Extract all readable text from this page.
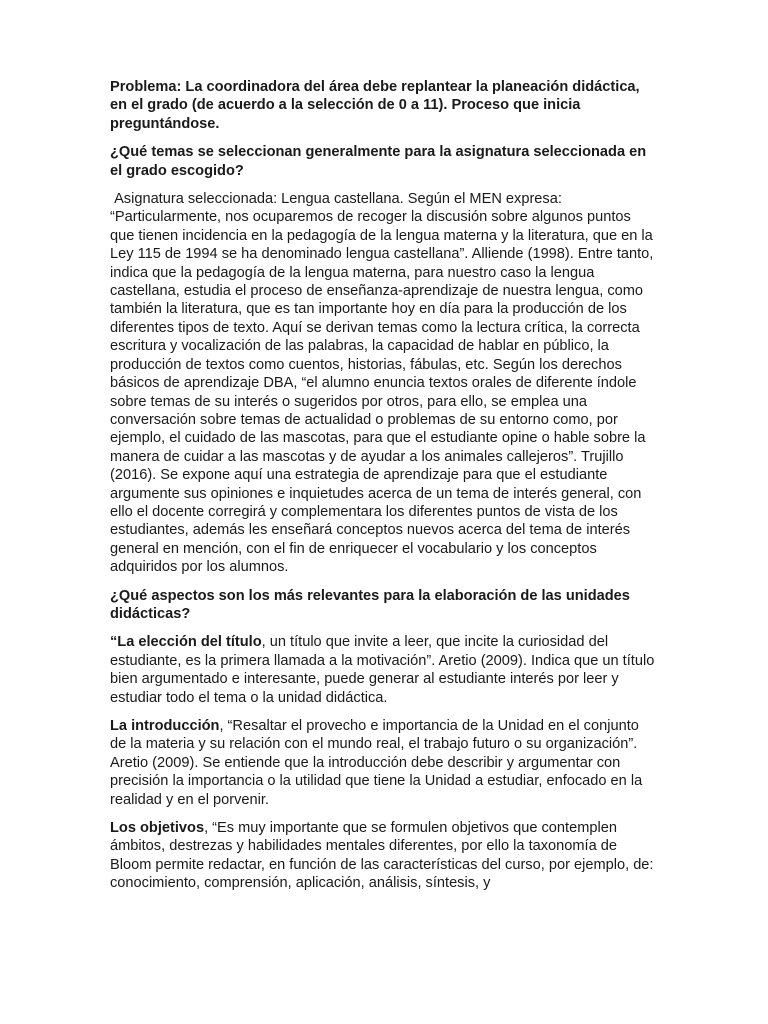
Problema: La coordinadora del área debe replantear la planeación didáctica, en el grado (de acuerdo a la selección de 0 a 11). Proceso que inicia preguntándose.

¿Qué temas se seleccionan generalmente para la asignatura seleccionada en el grado escogido?

Asignatura seleccionada: Lengua castellana. Según el MEN expresa: “Particularmente, nos ocuparemos de recoger la discusión sobre algunos puntos que tienen incidencia en la pedagogía de la lengua materna y la literatura, que en la Ley 115 de 1994 se ha denominado lengua castellana”. Alliende (1998). Entre tanto, indica que la pedagogía de la lengua materna, para nuestro caso la lengua castellana, estudia el proceso de enseñanza-aprendizaje de nuestra lengua, como también la literatura, que es tan importante hoy en día para la producción de los diferentes tipos de texto. Aquí se derivan temas como la lectura crítica, la correcta escritura y vocalización de las palabras, la capacidad de hablar en público, la producción de textos como cuentos, historias, fábulas, etc. Según los derechos básicos de aprendizaje DBA, “el alumno enuncia textos orales de diferente índole sobre temas de su interés o sugeridos por otros, para ello, se emplea una conversación sobre temas de actualidad o problemas de su entorno como, por ejemplo, el cuidado de las mascotas, para que el estudiante opine o hable sobre la manera de cuidar a las mascotas y de ayudar a los animales callejeros”. Trujillo (2016). Se expone aquí una estrategia de aprendizaje para que el estudiante argumente sus opiniones e inquietudes acerca de un tema de interés general, con ello el docente corregirá y complementara los diferentes puntos de vista de los estudiantes, además les enseñará conceptos nuevos acerca del tema de interés general en mención, con el fin de enriquecer el vocabulario y los conceptos adquiridos por los alumnos.

¿Qué aspectos son los más relevantes para la elaboración de las unidades didácticas?

“La elección del título, un título que invite a leer, que incite la curiosidad del estudiante, es la primera llamada a la motivación”. Aretio (2009). Indica que un título bien argumentado e interesante, puede generar al estudiante interés por leer y estudiar todo el tema o la unidad didáctica.

La introducción, “Resaltar el provecho e importancia de la Unidad en el conjunto de la materia y su relación con el mundo real, el trabajo futuro o su organización”. Aretio (2009). Se entiende que la introducción debe describir y argumentar con precisión la importancia o la utilidad que tiene la Unidad a estudiar, enfocado en la realidad y en el porvenir.

Los objetivos, “Es muy importante que se formulen objetivos que contemplen ámbitos, destrezas y habilidades mentales diferentes, por ello la taxonomía de Bloom permite redactar, en función de las características del curso, por ejemplo, de: conocimiento, comprensión, aplicación, análisis, síntesis, y
